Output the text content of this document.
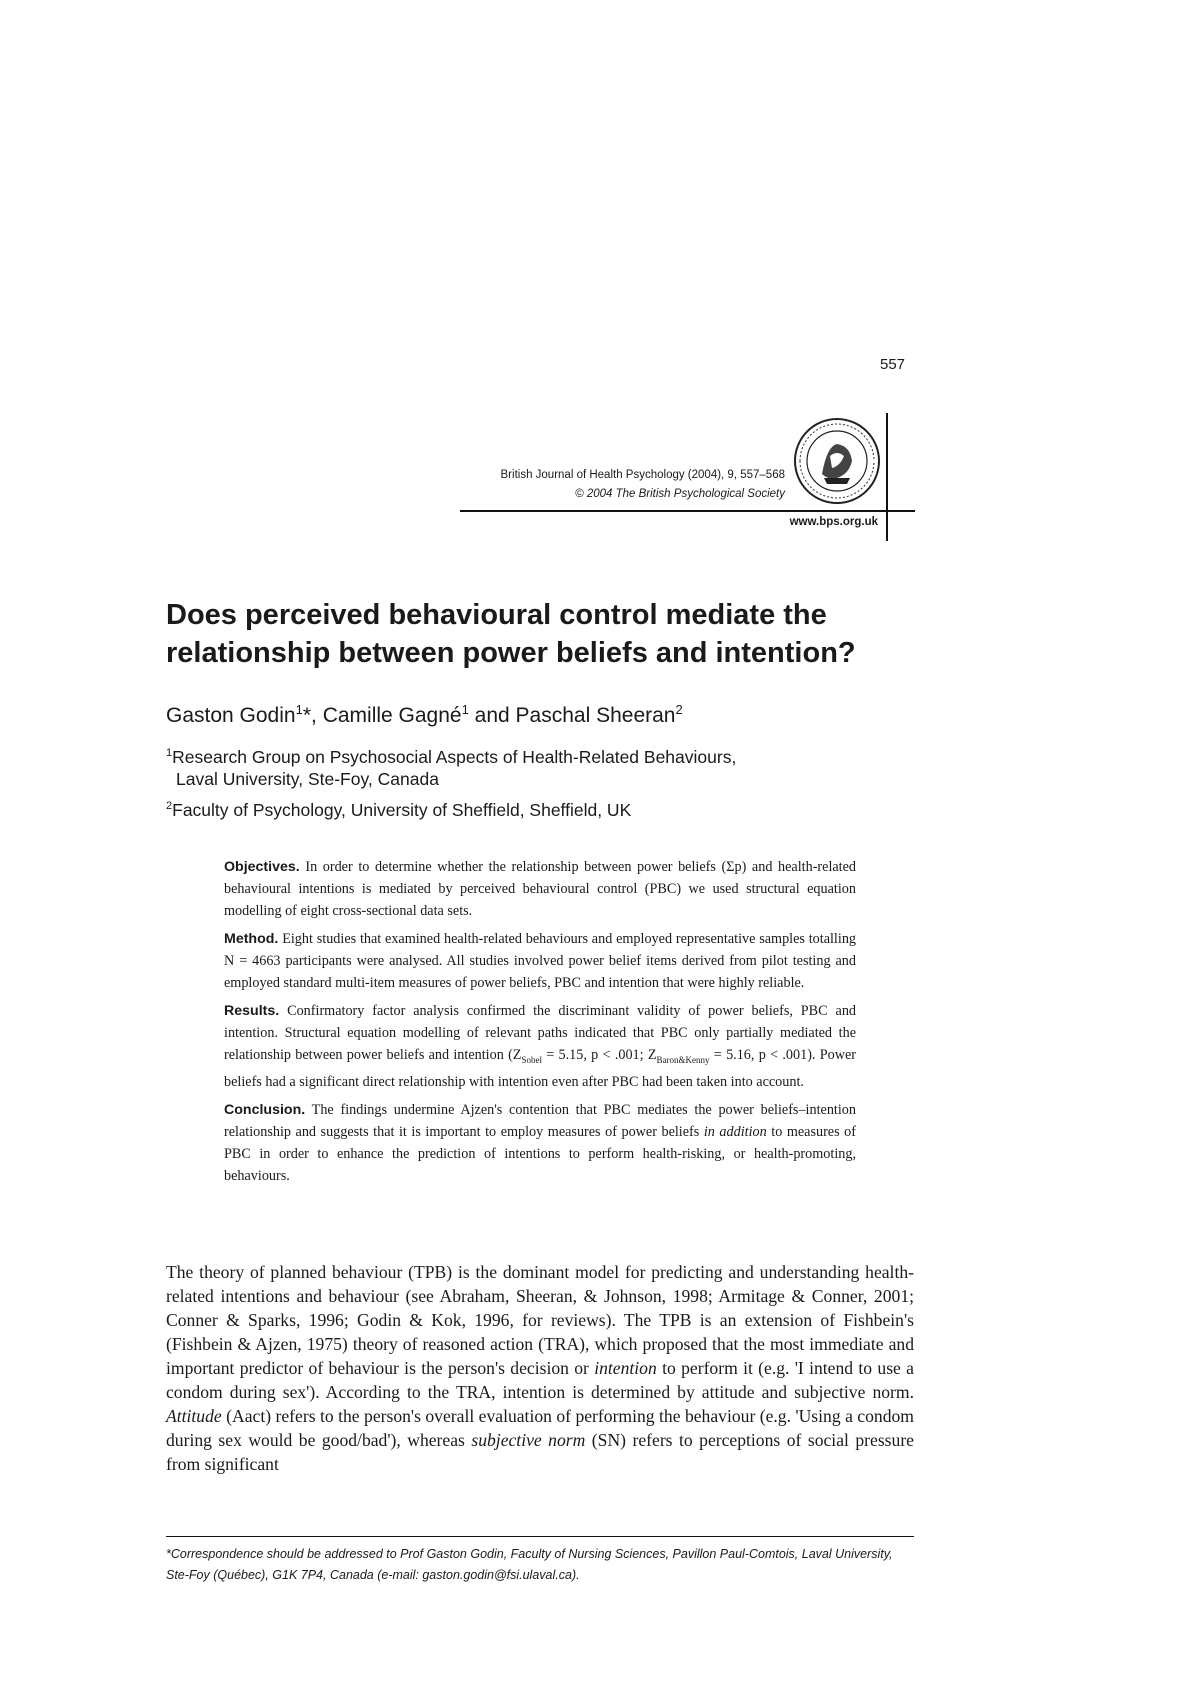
557
British Journal of Health Psychology (2004), 9, 557–568
© 2004 The British Psychological Society
www.bps.org.uk
Does perceived behavioural control mediate the relationship between power beliefs and intention?
Gaston Godin$^1$*, Camille Gagné$^1$ and Paschal Sheeran$^2$
$^1$Research Group on Psychosocial Aspects of Health-Related Behaviours,
Laval University, Ste-Foy, Canada
$^2$Faculty of Psychology, University of Sheffield, Sheffield, UK

Objectives. In order to determine whether the relationship between power beliefs (Σp) and health-related behavioural intentions is mediated by perceived behavioural control (PBC) we used structural equation modelling of eight cross-sectional data sets.

Method. Eight studies that examined health-related behaviours and employed representative samples totalling N = 4663 participants were analysed. All studies involved power belief items derived from pilot testing and employed standard multi-item measures of power beliefs, PBC and intention that were highly reliable.

Results. Confirmatory factor analysis confirmed the discriminant validity of power beliefs, PBC and intention. Structural equation modelling of relevant paths indicated that PBC only partially mediated the relationship between power beliefs and intention ($Z_{Sobel} = 5.15$, p < .001; $Z_{Baron\&Kenny} = 5.16$, p < .001). Power beliefs had a significant direct relationship with intention even after PBC had been taken into account.

Conclusion. The findings undermine Ajzen's contention that PBC mediates the power beliefs–intention relationship and suggests that it is important to employ measures of power beliefs in addition to measures of PBC in order to enhance the prediction of intentions to perform health-risking, or health-promoting, behaviours.

The theory of planned behaviour (TPB) is the dominant model for predicting and understanding health-related intentions and behaviour (see Abraham, Sheeran, & Johnson, 1998; Armitage & Conner, 2001; Conner & Sparks, 1996; Godin & Kok, 1996, for reviews). The TPB is an extension of Fishbein's (Fishbein & Ajzen, 1975) theory of reasoned action (TRA), which proposed that the most immediate and important predictor of behaviour is the person's decision or intention to perform it (e.g. 'I intend to use a condom during sex'). According to the TRA, intention is determined by attitude and subjective norm. Attitude (Aact) refers to the person's overall evaluation of performing the behaviour (e.g. 'Using a condom during sex would be good/bad'), whereas subjective norm (SN) refers to perceptions of social pressure from significant

*Correspondence should be addressed to Prof Gaston Godin, Faculty of Nursing Sciences, Pavillon Paul-Comtois, Laval University, Ste-Foy (Québec), G1K 7P4, Canada (e-mail: gaston.godin@fsi.ulaval.ca).
